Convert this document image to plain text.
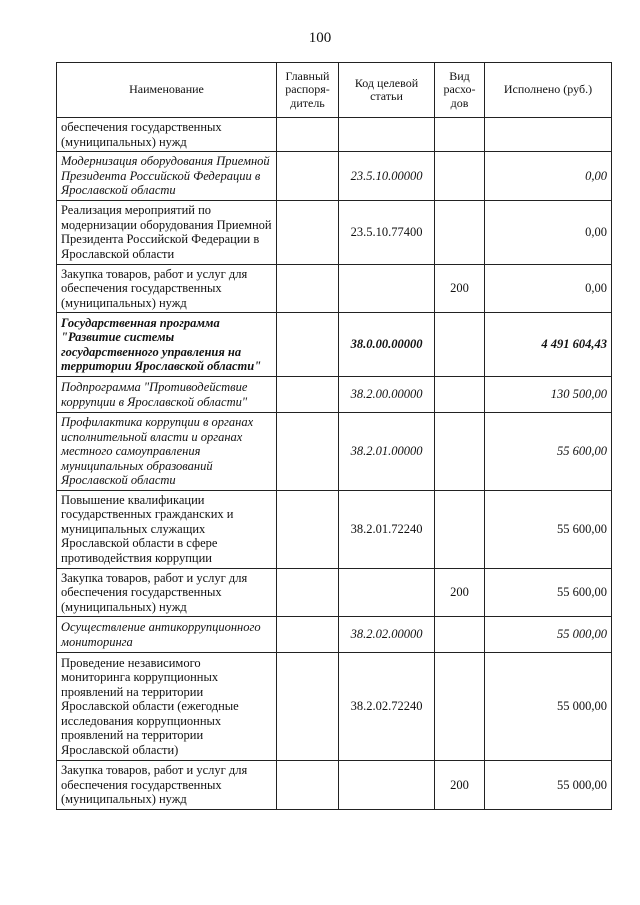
100
Наименование	Главный распоря-дитель	Код целевой статьи	Вид расхо-дов	Исполнено (руб.)
обеспечения государственных (муниципальных) нужд				
Модернизация оборудования Приемной Президента Российской Федерации в Ярославской области		23.5.10.00000		0,00
Реализация мероприятий по модернизации оборудования Приемной Президента Российской Федерации в Ярославской области		23.5.10.77400		0,00
Закупка товаров, работ и услуг для обеспечения государственных (муниципальных) нужд			200	0,00
Государственная программа "Развитие системы государственного управления на территории Ярославской области"		38.0.00.00000		4 491 604,43
Подпрограмма "Противодействие коррупции в Ярославской области"		38.2.00.00000		130 500,00
Профилактика коррупции в органах исполнительной власти и органах местного самоуправления муниципальных образований Ярославской области		38.2.01.00000		55 600,00
Повышение квалификации государственных гражданских и муниципальных служащих Ярославской области в сфере противодействия коррупции		38.2.01.72240		55 600,00
Закупка товаров, работ и услуг для обеспечения государственных (муниципальных) нужд			200	55 600,00
Осуществление антикоррупционного мониторинга		38.2.02.00000		55 000,00
Проведение независимого мониторинга коррупционных проявлений на территории Ярославской области (ежегодные исследования коррупционных проявлений на территории Ярославской области)		38.2.02.72240		55 000,00
Закупка товаров, работ и услуг для обеспечения государственных (муниципальных) нужд			200	55 000,00
